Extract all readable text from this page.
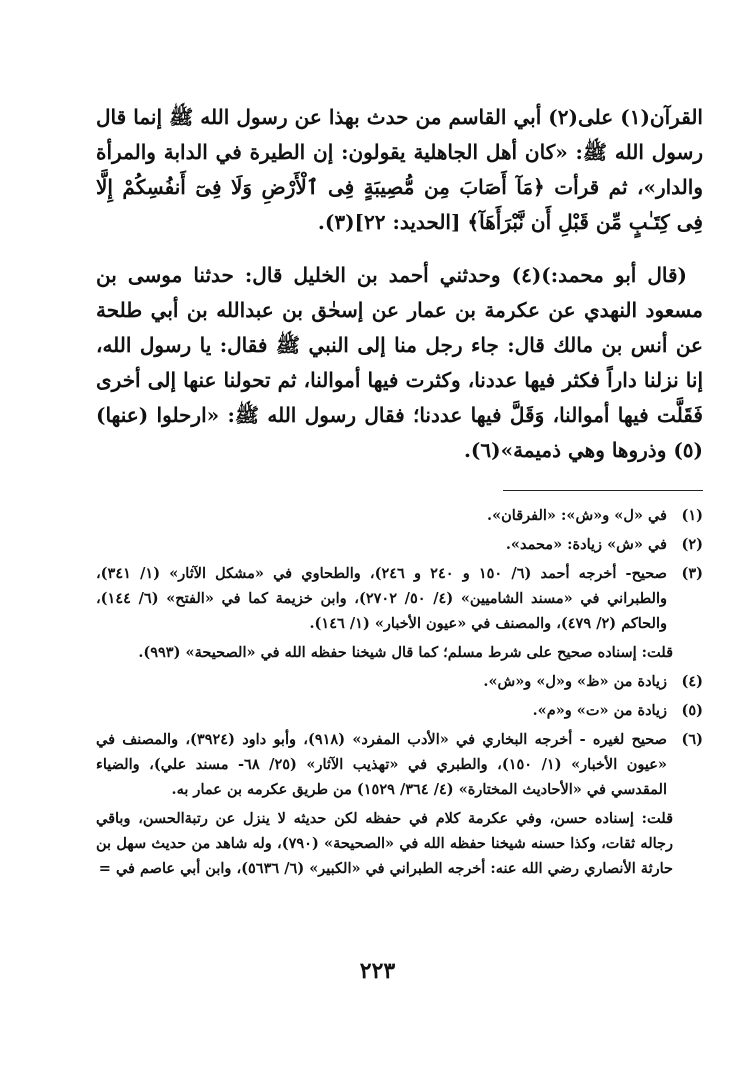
القرآن(١) على(٢) أبي القاسم من حدث بهذا عن رسول الله ﷺ إنما قال رسول الله ﷺ: «كان أهل الجاهلية يقولون: إن الطيرة في الدابة والمرأة والدار»، ثم قرأت ﴿مَآ أَصَابَ مِن مُّصِيبَةٍ فِى ٱلْأَرْضِ وَلَا فِىٓ أَنفُسِكُمْ إِلَّا فِى كِتَـٰبٍ مِّن قَبْلِ أَن نَّبْرَأَهَآ﴾ [الحديد: ٢٢](٣).

(قال أبو محمد:)(٤) وحدثني أحمد بن الخليل قال: حدثنا موسى بن مسعود النهدي عن عكرمة بن عمار عن إسحٰق بن عبدالله بن أبي طلحة عن أنس بن مالك قال: جاء رجل منا إلى النبي ﷺ فقال: يا رسول الله، إنا نزلنا داراً فكثر فيها عددنا، وكثرت فيها أموالنا، ثم تحولنا عنها إلى أخرى فَقَلَّت فيها أموالنا، وَقَلَّ فيها عددنا؛ فقال رسول الله ﷺ: «ارحلوا (عنها)(٥) وذروها وهي ذميمة»(٦).

(١)
في «ل» و«ش»: «الفرقان».
(٢)
في «ش» زيادة: «محمد».
(٣)
صحيح- أخرجه أحمد (٦/ ١٥٠ و ٢٤٠ و ٢٤٦)، والطحاوي في «مشكل الآثار» (١/ ٣٤١)، والطبراني في «مسند الشاميين» (٤/ ٥٠/ ٢٧٠٢)، وابن خزيمة كما في «الفتح» (٦/ ١٤٤)، والحاكم (٢/ ٤٧٩)، والمصنف في «عيون الأخبار» (١/ ١٤٦).
قلت: إسناده صحيح على شرط مسلم؛ كما قال شيخنا حفظه الله في «الصحيحة» (٩٩٣).
(٤)
زيادة من «ظ» و«ل» و«ش».
(٥)
زيادة من «ت» و«م».
(٦)
صحيح لغيره - أخرجه البخاري في «الأدب المفرد» (٩١٨)، وأبو داود (٣٩٢٤)، والمصنف في «عيون الأخبار» (١/ ١٥٠)، والطبري في «تهذيب الآثار» (٢٥/ ٦٨- مسند علي)، والضياء المقدسي في «الأحاديث المختارة» (٤/ ٣٦٤/ ١٥٢٩) من طريق عكرمه بن عمار به.
قلت: إسناده حسن، وفي عكرمة كلام في حفظه لكن حديثه لا ينزل عن رتبةالحسن، وباقي رجاله ثقات، وكذا حسنه شيخنا حفظه الله في «الصحيحة» (٧٩٠)، وله شاهد من حديث سهل بن حارثة الأنصاري رضي الله عنه: أخرجه الطبراني في «الكبير» (٦/ ٥٦٣٦)، وابن أبي عاصم في =
٢٢٣
